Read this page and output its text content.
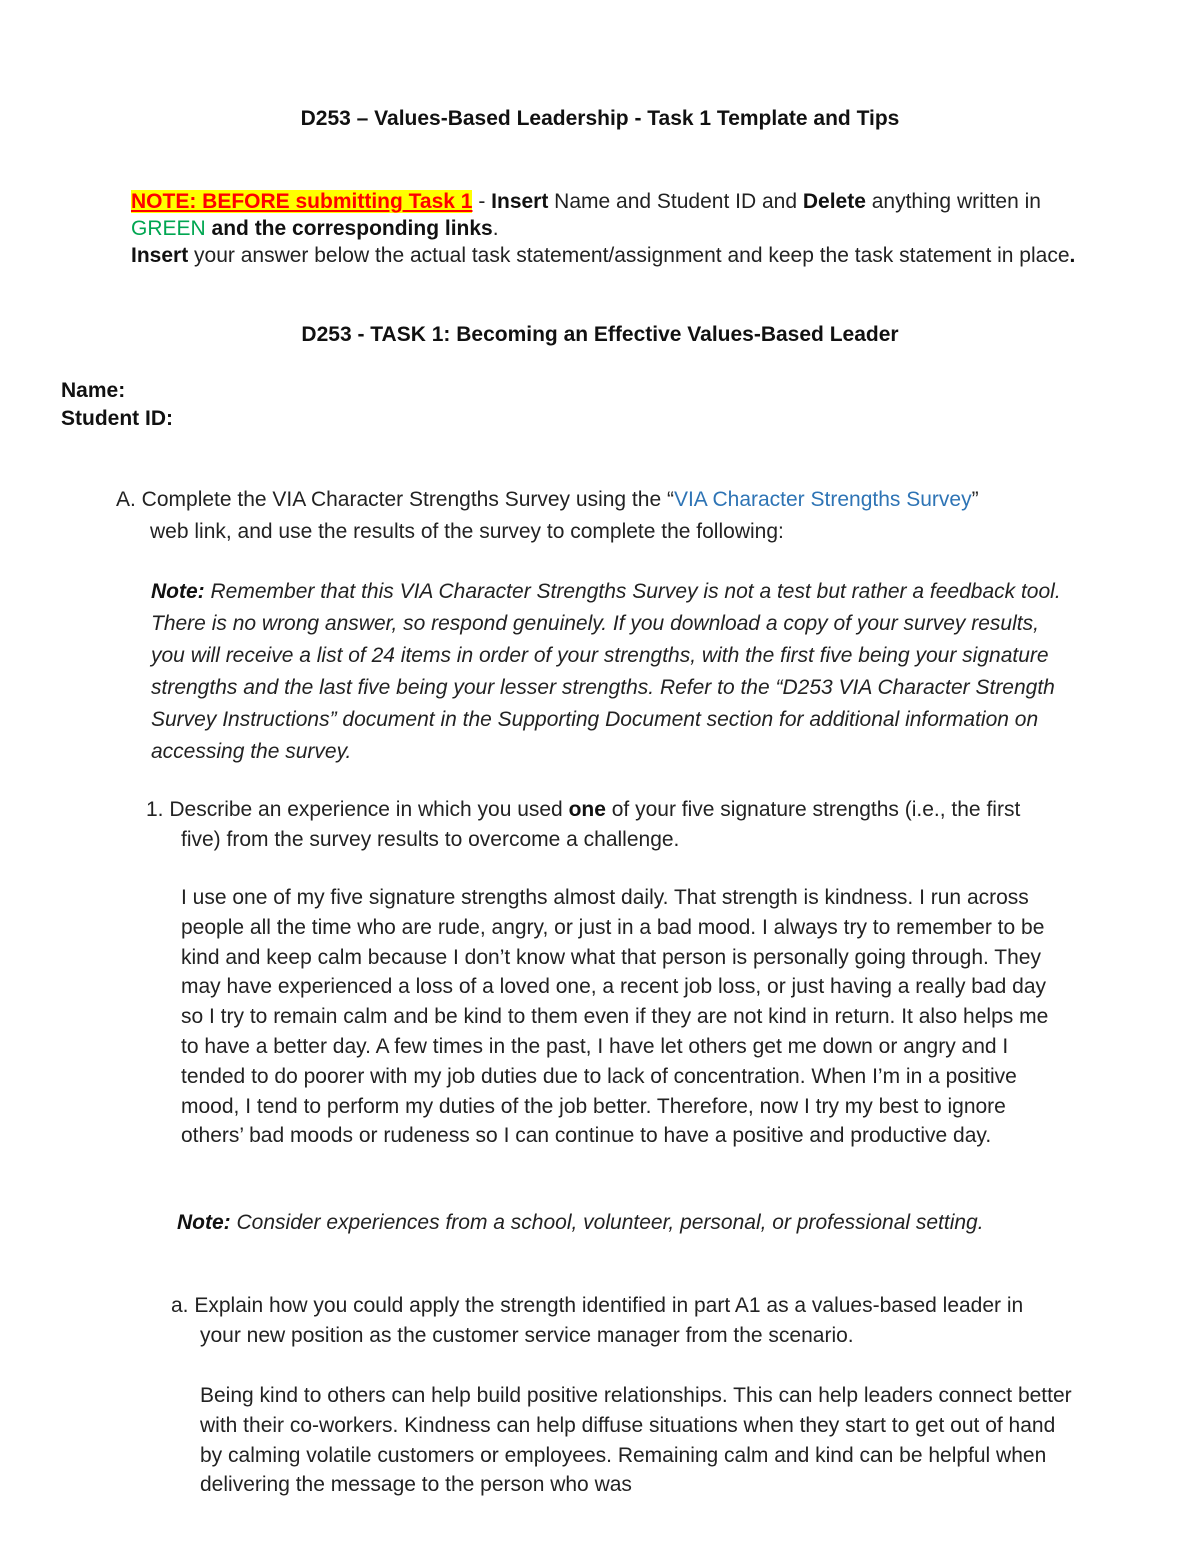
D253 – Values-Based Leadership - Task 1 Template and Tips
NOTE: BEFORE submitting Task 1 - Insert Name and Student ID and Delete anything written in GREEN and the corresponding links.
Insert your answer below the actual task statement/assignment and keep the task statement in place.
D253 - TASK 1: Becoming an Effective Values-Based Leader
Name:
Student ID:

A. Complete the VIA Character Strengths Survey using the “VIA Character Strengths Survey” web link, and use the results of the survey to complete the following:

Note: Remember that this VIA Character Strengths Survey is not a test but rather a feedback tool. There is no wrong answer, so respond genuinely. If you download a copy of your survey results, you will receive a list of 24 items in order of your strengths, with the first five being your signature strengths and the last five being your lesser strengths. Refer to the “D253 VIA Character Strength Survey Instructions” document in the Supporting Document section for additional information on accessing the survey.

1. Describe an experience in which you used one of your five signature strengths (i.e., the first five) from the survey results to overcome a challenge.

I use one of my five signature strengths almost daily. That strength is kindness. I run across people all the time who are rude, angry, or just in a bad mood. I always try to remember to be kind and keep calm because I don’t know what that person is personally going through. They may have experienced a loss of a loved one, a recent job loss, or just having a really bad day so I try to remain calm and be kind to them even if they are not kind in return. It also helps me to have a better day. A few times in the past, I have let others get me down or angry and I tended to do poorer with my job duties due to lack of concentration. When I’m in a positive mood, I tend to perform my duties of the job better. Therefore, now I try my best to ignore others’ bad moods or rudeness so I can continue to have a positive and productive day.
Note: Consider experiences from a school, volunteer, personal, or professional setting.

a. Explain how you could apply the strength identified in part A1 as a values-based leader in your new position as the customer service manager from the scenario.

Being kind to others can help build positive relationships. This can help leaders connect better with their co-workers. Kindness can help diffuse situations when they start to get out of hand by calming volatile customers or employees. Remaining calm and kind can be helpful when delivering the message to the person who was
